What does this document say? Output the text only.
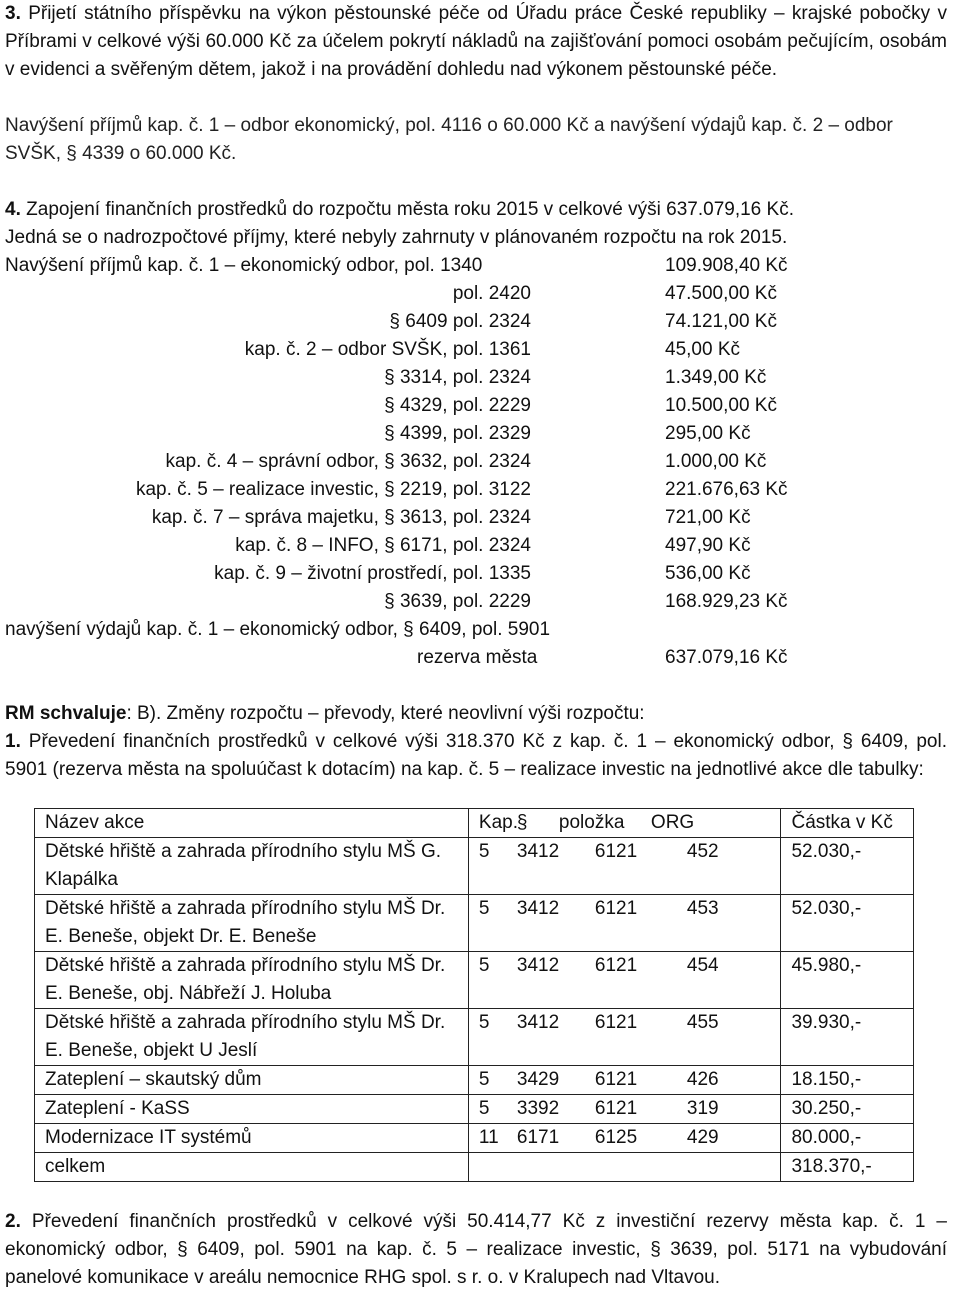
3. Přijetí státního příspěvku na výkon pěstounské péče od Úřadu práce České republiky – krajské pobočky v Příbrami v celkové výši 60.000 Kč za účelem pokrytí nákladů na zajišťování pomoci osobám pečujícím, osobám v evidenci a svěřeným dětem, jakož i na provádění dohledu nad výkonem pěstounské péče.
Navýšení příjmů kap. č. 1 – odbor ekonomický, pol. 4116 o 60.000 Kč a navýšení výdajů kap. č. 2 – odbor SVŠK, § 4339 o 60.000 Kč.
4. Zapojení finančních prostředků do rozpočtu města roku 2015 v celkové výši 637.079,16 Kč.
Jedná se o nadrozpočtové příjmy, které nebyly zahrnuty v plánovaném rozpočtu na rok 2015.
Navýšení příjmů kap. č. 1 – ekonomický odbor, pol. 1340	109.908,40 Kč
pol. 2420	47.500,00 Kč
§ 6409 pol. 2324	74.121,00 Kč
kap. č. 2 – odbor SVŠK, pol. 1361	45,00 Kč
§ 3314, pol. 2324	1.349,00 Kč
§ 4329, pol. 2229	10.500,00 Kč
§ 4399, pol. 2329	295,00 Kč
kap. č. 4 – správní odbor, § 3632, pol. 2324	1.000,00 Kč
kap. č. 5 – realizace investic, § 2219, pol. 3122	221.676,63 Kč
kap. č. 7 – správa majetku, § 3613, pol. 2324	721,00 Kč
kap. č. 8 – INFO, § 6171, pol. 2324	497,90 Kč
kap. č. 9 – životní prostředí, pol. 1335	536,00 Kč
§ 3639, pol. 2229	168.929,23 Kč
navýšení výdajů kap. č. 1 – ekonomický odbor, § 6409, pol. 5901
rezerva města	637.079,16 Kč
RM schvaluje: B). Změny rozpočtu – převody, které neovlivní výši rozpočtu:
1. Převedení finančních prostředků v celkové výši 318.370 Kč z kap. č. 1 – ekonomický odbor, § 6409, pol. 5901 (rezerva města na spoluúčast k dotacím) na kap. č. 5 – realizace investic na jednotlivé akce dle tabulky:
Název akce	Kap.§ položka ORG	Částka v Kč
Dětské hřiště a zahrada přírodního stylu MŠ G. Klapálka	5 3412 6121 452	52.030,-
Dětské hřiště a zahrada přírodního stylu MŠ Dr. E. Beneše, objekt Dr. E. Beneše	5 3412 6121 453	52.030,-
Dětské hřiště a zahrada přírodního stylu MŠ Dr. E. Beneše, obj. Nábřeží J. Holuba	5 3412 6121 454	45.980,-
Dětské hřiště a zahrada přírodního stylu MŠ Dr. E. Beneše, objekt U Jeslí	5 3412 6121 455	39.930,-
Zateplení – skautský dům	5 3429 6121 426	18.150,-
Zateplení - KaSS	5 3392 6121 319	30.250,-
Modernizace IT systémů	11 6171 6125 429	80.000,-
celkem		318.370,-
2. Převedení finančních prostředků v celkové výši 50.414,77 Kč z investiční rezervy města kap. č. 1 – ekonomický odbor, § 6409, pol. 5901 na kap. č. 5 – realizace investic, § 3639, pol. 5171 na vybudování panelové komunikace v areálu nemocnice RHG spol. s r. o. v Kralupech nad Vltavou.
